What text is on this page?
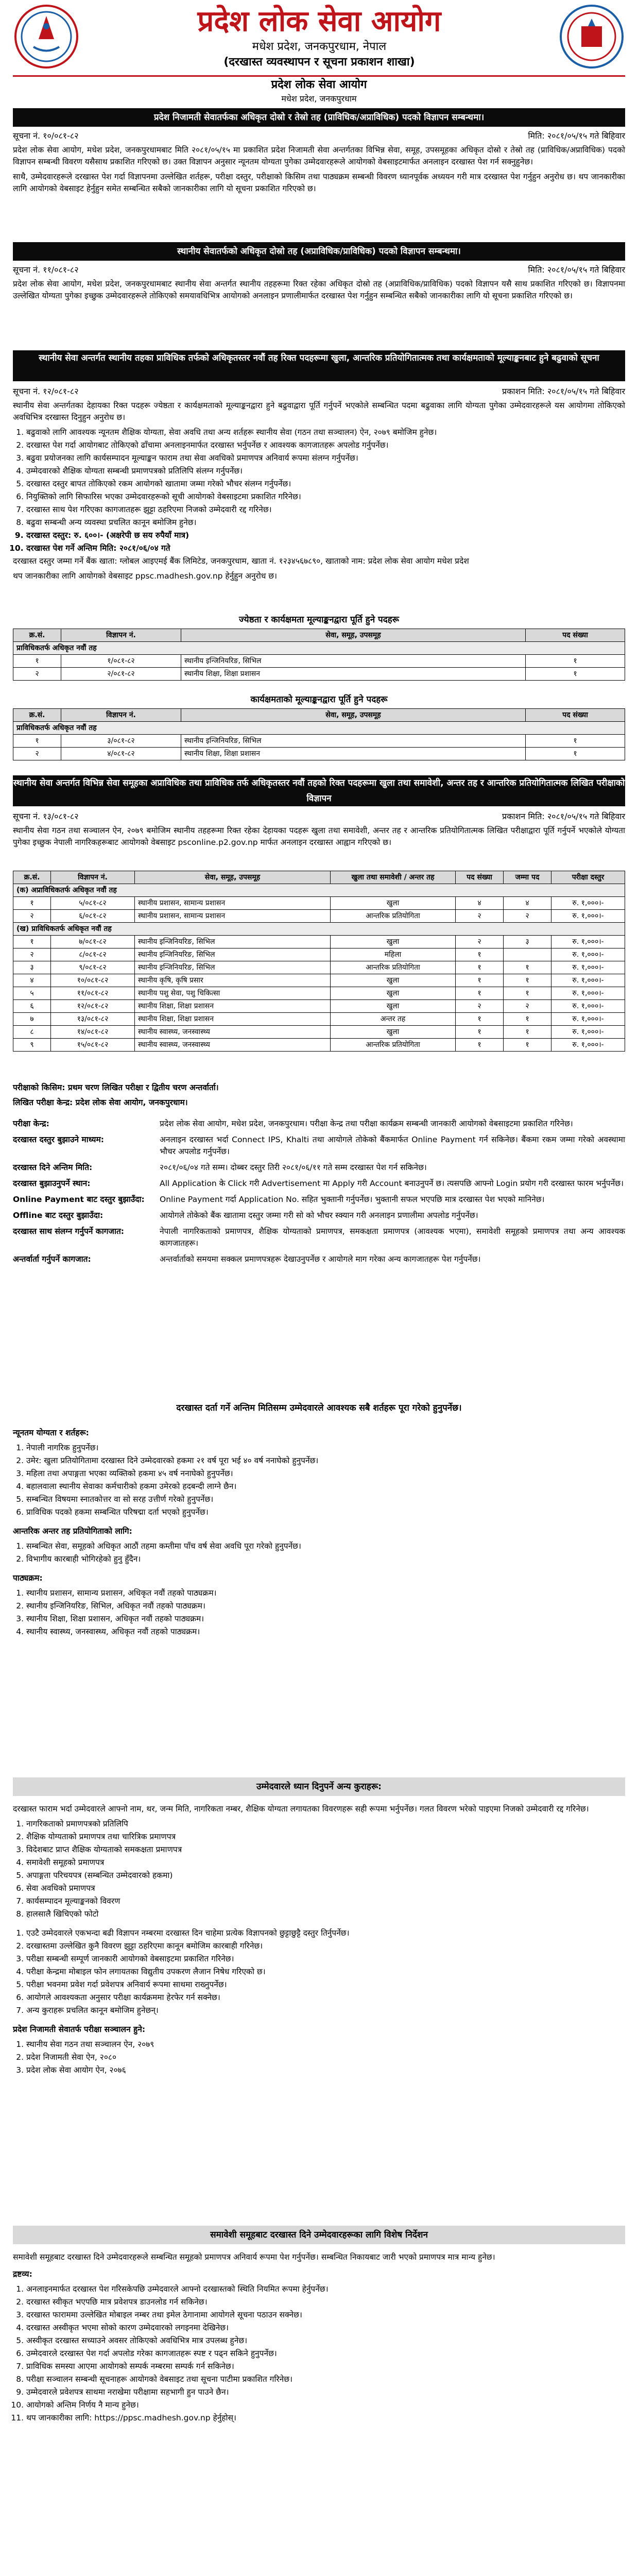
प्रदेश लोक सेवा आयोग
मधेश प्रदेश, जनकपुरधाम, नेपाल
(दरखास्त व्यवस्थापन र सूचना प्रकाशन शाखा)
प्रदेश लोक सेवा आयोग
मधेश प्रदेश, जनकपुरधाम
प्रदेश निजामती सेवातर्फका अधिकृत दोस्रो र तेस्रो तह (प्राविधिक/अप्राविधिक) पदको विज्ञापन सम्बन्धमा।
सूचना नं. १०/०८१-८२	मिति: २०८१/०५/१५ गते बिहिवार

प्रदेश लोक सेवा आयोग, मधेश प्रदेश, जनकपुरधामबाट मिति २०८१/०५/१५ मा प्रकाशित प्रदेश निजामती सेवा अन्तर्गतका विभिन्न सेवा, समूह, उपसमूहका अधिकृत दोस्रो र तेस्रो तह (प्राविधिक/अप्राविधिक) पदको विज्ञापन सम्बन्धी विवरण यसैसाथ प्रकाशित गरिएको छ। उक्त विज्ञापन अनुसार न्यूनतम योग्यता पुगेका उम्मेदवारहरूले आयोगको वेबसाइटमार्फत अनलाइन दरखास्त पेश गर्न सक्नुहुनेछ।

साथै, उम्मेदवारहरूले दरखास्त पेश गर्दा विज्ञापनमा उल्लेखित शर्तहरू, परीक्षा दस्तुर, परीक्षाको किसिम तथा पाठ्यक्रम सम्बन्धी विवरण ध्यानपूर्वक अध्ययन गरी मात्र दरखास्त पेश गर्नुहुन अनुरोध छ। थप जानकारीका लागि आयोगको वेबसाइट हेर्नुहुन समेत सम्बन्धित सबैको जानकारीका लागि यो सूचना प्रकाशित गरिएको छ।

स्थानीय सेवातर्फको अधिकृत दोस्रो तह (अप्राविधिक/प्राविधिक) पदको विज्ञापन सम्बन्धमा।
सूचना नं. ११/०८१-८२	मिति: २०८१/०५/१५ गते बिहिवार

प्रदेश लोक सेवा आयोग, मधेश प्रदेश, जनकपुरधामबाट स्थानीय सेवा अन्तर्गत स्थानीय तहहरूमा रिक्त रहेका अधिकृत दोस्रो तह (अप्राविधिक/प्राविधिक) पदको विज्ञापन यसै साथ प्रकाशित गरिएको छ। विज्ञापनमा उल्लेखित योग्यता पुगेका इच्छुक उम्मेदवारहरूले तोकिएको समयावधिभित्र आयोगको अनलाइन प्रणालीमार्फत दरखास्त पेश गर्नुहुन सम्बन्धित सबैको जानकारीका लागि यो सूचना प्रकाशित गरिएको छ।

स्थानीय सेवा अन्तर्गत स्थानीय तहका प्राविधिक तर्फको अधिकृतस्तर नवौं तह रिक्त पदहरूमा खुला, आन्तरिक प्रतियोगितात्मक तथा कार्यक्षमताको मूल्याङ्कनबाट हुने बढुवाको सूचना
सूचना नं. १२/०८१-८२	प्रकाशन मिति: २०८१/०५/१५ गते बिहिवार

स्थानीय सेवा अन्तर्गतका देहायका रिक्त पदहरू ज्येष्ठता र कार्यक्षमताको मूल्याङ्कनद्वारा हुने बढुवाद्वारा पूर्ति गर्नुपर्ने भएकोले सम्बन्धित पदमा बढुवाका लागि योग्यता पुगेका उम्मेदवारहरूले यस आयोगमा तोकिएको अवधिभित्र दरखास्त दिनुहुन अनुरोध छ।

1. बढुवाको लागि आवश्यक न्यूनतम शैक्षिक योग्यता, सेवा अवधि तथा अन्य शर्तहरू स्थानीय सेवा (गठन तथा सञ्चालन) ऐन, २०७९ बमोजिम हुनेछ।
2. दरखास्त पेश गर्दा आयोगबाट तोकिएको ढाँचामा अनलाइनमार्फत दरखास्त भर्नुपर्नेछ र आवश्यक कागजातहरू अपलोड गर्नुपर्नेछ।
3. बढुवा प्रयोजनका लागि कार्यसम्पादन मूल्याङ्कन फाराम तथा सेवा अवधिको प्रमाणपत्र अनिवार्य रूपमा संलग्न गर्नुपर्नेछ।
4. उम्मेदवारको शैक्षिक योग्यता सम्बन्धी प्रमाणपत्रको प्रतिलिपि संलग्न गर्नुपर्नेछ।
5. दरखास्त दस्तुर बापत तोकिएको रकम आयोगको खातामा जम्मा गरेको भौचर संलग्न गर्नुपर्नेछ।
6. नियुक्तिको लागि सिफारिस भएका उम्मेदवारहरूको सूची आयोगको वेबसाइटमा प्रकाशित गरिनेछ।
7. दरखास्त साथ पेश गरिएका कागजातहरू झुट्टा ठहरिएमा निजको उम्मेदवारी रद्द गरिनेछ।
8. बढुवा सम्बन्धी अन्य व्यवस्था प्रचलित कानून बमोजिम हुनेछ।
9. दरखास्त दस्तुर: रु. ६००।- (अक्षरेपी छ सय रुपैयाँ मात्र)
10. दरखास्त पेश गर्ने अन्तिम मिति: २०८१/०६/०४ गते

दरखास्त दस्तुर जम्मा गर्ने बैंक खाता: ग्लोबल आइएमई बैंक लिमिटेड, जनकपुरधाम, खाता नं. १२३४५६७८९०, खाताको नाम: प्रदेश लोक सेवा आयोग मधेश प्रदेश

थप जानकारीका लागि आयोगको वेबसाइट ppsc.madhesh.gov.np हेर्नुहुन अनुरोध छ।

ज्येष्ठता र कार्यक्षमता मूल्याङ्कनद्वारा पूर्ति हुने पदहरू
क्र.सं.	विज्ञापन नं.	सेवा, समूह, उपसमूह	पद संख्या
प्राविधिकतर्फ अधिकृत नवौं तह			
१	१/०८१-८२	स्थानीय इन्जिनियरिङ, सिभिल	१
२	२/०८१-८२	स्थानीय शिक्षा, शिक्षा प्रशासन	१
कार्यक्षमताको मूल्याङ्कनद्वारा पूर्ति हुने पदहरू
क्र.सं.	विज्ञापन नं.	सेवा, समूह, उपसमूह	पद संख्या
प्राविधिकतर्फ अधिकृत नवौं तह			
१	३/०८१-८२	स्थानीय इन्जिनियरिङ, सिभिल	१
२	४/०८१-८२	स्थानीय शिक्षा, शिक्षा प्रशासन	१
स्थानीय सेवा अन्तर्गत विभिन्न सेवा समूहका अप्राविधिक तथा प्राविधिक तर्फ अधिकृतस्तर नवौं तहको रिक्त पदहरूमा खुला तथा समावेशी, अन्तर तह र आन्तरिक प्रतियोगितात्मक लिखित परीक्षाको विज्ञापन
सूचना नं. १३/०८१-८२	प्रकाशन मिति: २०८१/०५/१५ गते बिहिवार

स्थानीय सेवा गठन तथा सञ्चालन ऐन, २०७९ बमोजिम स्थानीय तहहरूमा रिक्त रहेका देहायका पदहरू खुला तथा समावेशी, अन्तर तह र आन्तरिक प्रतियोगितात्मक लिखित परीक्षाद्वारा पूर्ति गर्नुपर्ने भएकोले योग्यता पुगेका इच्छुक नेपाली नागरिकहरूबाट आयोगको वेबसाइट psconline.p2.gov.np मार्फत अनलाइन दरखास्त आह्वान गरिएको छ।

क्र.सं.	विज्ञापन नं.	सेवा, समूह, उपसमूह	खुला तथा समावेशी / अन्तर तह	पद संख्या	जम्मा पद	परीक्षा दस्तुर
(क) अप्राविधिकतर्फ अधिकृत नवौं तह						
१	५/०८१-८२	स्थानीय प्रशासन, सामान्य प्रशासन	खुला	४	४	रु. १,०००।-
२	६/०८१-८२	स्थानीय प्रशासन, सामान्य प्रशासन	आन्तरिक प्रतियोगिता	२	२	रु. १,०००।-
(ख) प्राविधिकतर्फ अधिकृत नवौं तह						
१	७/०८१-८२	स्थानीय इन्जिनियरिङ, सिभिल	खुला	२	३	रु. १,०००।-
२	८/०८१-८२	स्थानीय इन्जिनियरिङ, सिभिल	महिला	१		रु. १,०००।-
३	९/०८१-८२	स्थानीय इन्जिनियरिङ, सिभिल	आन्तरिक प्रतियोगिता	१	१	रु. १,०००।-
४	१०/०८१-८२	स्थानीय कृषि, कृषि प्रसार	खुला	१	१	रु. १,०००।-
५	११/०८१-८२	स्थानीय पशु सेवा, पशु चिकित्सा	खुला	१	१	रु. १,०००।-
६	१२/०८१-८२	स्थानीय शिक्षा, शिक्षा प्रशासन	खुला	२	२	रु. १,०००।-
७	१३/०८१-८२	स्थानीय शिक्षा, शिक्षा प्रशासन	अन्तर तह	१	१	रु. १,०००।-
८	१४/०८१-८२	स्थानीय स्वास्थ्य, जनस्वास्थ्य	खुला	१	१	रु. १,०००।-
९	१५/०८१-८२	स्थानीय स्वास्थ्य, जनस्वास्थ्य	आन्तरिक प्रतियोगिता	१	१	रु. १,०००।-

परीक्षाको किसिम: प्रथम चरण लिखित परीक्षा र द्वितीय चरण अन्तर्वार्ता।

लिखित परीक्षा केन्द्र: प्रदेश लोक सेवा आयोग, जनकपुरधाम।

परीक्षा केन्द्र:	प्रदेश लोक सेवा आयोग, मधेश प्रदेश, जनकपुरधाम। परीक्षा केन्द्र तथा परीक्षा कार्यक्रम सम्बन्धी जानकारी आयोगको वेबसाइटमा प्रकाशित गरिनेछ।
दरखास्त दस्तुर बुझाउने माध्यम:	अनलाइन दरखास्त भर्दा Connect IPS, Khalti तथा आयोगले तोकेको बैंकमार्फत Online Payment गर्न सकिनेछ। बैंकमा रकम जम्मा गरेको अवस्थामा भौचर अपलोड गर्नुपर्नेछ।
दरखास्त दिने अन्तिम मिति:	२०८१/०६/०४ गते सम्म। दोब्बर दस्तुर तिरी २०८१/०६/११ गते सम्म दरखास्त पेश गर्न सकिनेछ।
दरखास्त बुझाउनुपर्ने स्थान:	All Application के Click गरी Advertisement मा Apply गरी Account बनाउनुपर्ने छ। त्यसपछि आफ्नो Login प्रयोग गरी दरखास्त फारम भर्नुपर्नेछ।
Online Payment बाट दस्तुर बुझाउँदा:	Online Payment गर्दा Application No. सहित भुक्तानी गर्नुपर्नेछ। भुक्तानी सफल भएपछि मात्र दरखास्त पेश भएको मानिनेछ।
Offline बाट दस्तुर बुझाउँदा:	आयोगले तोकेको बैंक खातामा दस्तुर जम्मा गरी सो को भौचर स्क्यान गरी अनलाइन प्रणालीमा अपलोड गर्नुपर्नेछ।
दरखास्त साथ संलग्न गर्नुपर्ने कागजात:	नेपाली नागरिकताको प्रमाणपत्र, शैक्षिक योग्यताको प्रमाणपत्र, समकक्षता प्रमाणपत्र (आवश्यक भएमा), समावेशी समूहको प्रमाणपत्र तथा अन्य आवश्यक कागजातहरू।
अन्तर्वार्ता गर्नुपर्ने कागजात:	अन्तर्वार्ताको समयमा सक्कल प्रमाणपत्रहरू देखाउनुपर्नेछ र आयोगले माग गरेका अन्य कागजातहरू पेश गर्नुपर्नेछ।
दरखास्त दर्ता गर्ने अन्तिम मितिसम्म उम्मेदवारले आवश्यक सबै शर्तहरू पूरा गरेको हुनुपर्नेछ।

न्यूनतम योग्यता र शर्तहरू:

1. नेपाली नागरिक हुनुपर्नेछ।
2. उमेर: खुला प्रतियोगितामा दरखास्त दिने उम्मेदवारको हकमा २१ वर्ष पूरा भई ४० वर्ष ननाघेको हुनुपर्नेछ।
3. महिला तथा अपाङ्गता भएका व्यक्तिको हकमा ४५ वर्ष ननाघेको हुनुपर्नेछ।
4. बहालवाला स्थानीय सेवाका कर्मचारीको हकमा उमेरको हदबन्दी लाग्ने छैन।
5. सम्बन्धित विषयमा स्नातकोत्तर वा सो सरह उत्तीर्ण गरेको हुनुपर्नेछ।
6. प्राविधिक पदको हकमा सम्बन्धित परिषद्मा दर्ता भएको हुनुपर्नेछ।

आन्तरिक अन्तर तह प्रतियोगिताको लागि:

1. सम्बन्धित सेवा, समूहको अधिकृत आठौं तहमा कम्तीमा पाँच वर्ष सेवा अवधि पूरा गरेको हुनुपर्नेछ।
2. विभागीय कारबाही भोगिरहेको हुनु हुँदैन।

पाठ्यक्रम:

1. स्थानीय प्रशासन, सामान्य प्रशासन, अधिकृत नवौं तहको पाठ्यक्रम।
2. स्थानीय इन्जिनियरिङ, सिभिल, अधिकृत नवौं तहको पाठ्यक्रम।
3. स्थानीय शिक्षा, शिक्षा प्रशासन, अधिकृत नवौं तहको पाठ्यक्रम।
4. स्थानीय स्वास्थ्य, जनस्वास्थ्य, अधिकृत नवौं तहको पाठ्यक्रम।
उम्मेदवारले ध्यान दिनुपर्ने अन्य कुराहरू:

दरखास्त फाराम भर्दा उम्मेदवारले आफ्नो नाम, थर, जन्म मिति, नागरिकता नम्बर, शैक्षिक योग्यता लगायतका विवरणहरू सही रूपमा भर्नुपर्नेछ। गलत विवरण भरेको पाइएमा निजको उम्मेदवारी रद्द गरिनेछ।

1. नागरिकताको प्रमाणपत्रको प्रतिलिपि
2. शैक्षिक योग्यताको प्रमाणपत्र तथा चारित्रिक प्रमाणपत्र
3. विदेशबाट प्राप्त शैक्षिक योग्यताको समकक्षता प्रमाणपत्र
4. समावेशी समूहको प्रमाणपत्र
5. अपाङ्गता परिचयपत्र (सम्बन्धित उम्मेदवारको हकमा)
6. सेवा अवधिको प्रमाणपत्र
7. कार्यसम्पादन मूल्याङ्कनको विवरण
8. हालसालै खिचिएको फोटो
1. एउटै उम्मेदवारले एकभन्दा बढी विज्ञापन नम्बरमा दरखास्त दिन चाहेमा प्रत्येक विज्ञापनको छुट्टाछुट्टै दस्तुर तिर्नुपर्नेछ।
2. दरखास्तमा उल्लेखित कुनै विवरण झुट्टा ठहरिएमा कानून बमोजिम कारबाही गरिनेछ।
3. परीक्षा सम्बन्धी सम्पूर्ण जानकारी आयोगको वेबसाइटमा प्रकाशित गरिनेछ।
4. परीक्षा केन्द्रमा मोबाइल फोन लगायतका विद्युतीय उपकरण लैजान निषेध गरिएको छ।
5. परीक्षा भवनमा प्रवेश गर्दा प्रवेशपत्र अनिवार्य रूपमा साथमा राख्नुपर्नेछ।
6. आयोगले आवश्यकता अनुसार परीक्षा कार्यक्रममा हेरफेर गर्न सक्नेछ।
7. अन्य कुराहरू प्रचलित कानून बमोजिम हुनेछन्।

प्रदेश निजामती सेवातर्फ परीक्षा सञ्चालन हुने:

1. स्थानीय सेवा गठन तथा सञ्चालन ऐन, २०७९
2. प्रदेश निजामती सेवा ऐन, २०८०
3. प्रदेश लोक सेवा आयोग ऐन, २०७६
समावेशी समूहबाट दरखास्त दिने उम्मेदवारहरूका लागि विशेष निर्देशन

समावेशी समूहबाट दरखास्त दिने उम्मेदवारहरूले सम्बन्धित समूहको प्रमाणपत्र अनिवार्य रूपमा पेश गर्नुपर्नेछ। सम्बन्धित निकायबाट जारी भएको प्रमाणपत्र मात्र मान्य हुनेछ।

द्रष्टव्य:

1. अनलाइनमार्फत दरखास्त पेश गरिसकेपछि उम्मेदवारले आफ्नो दरखास्तको स्थिति नियमित रूपमा हेर्नुपर्नेछ।
2. दरखास्त स्वीकृत भएपछि मात्र प्रवेशपत्र डाउनलोड गर्न सकिनेछ।
3. दरखास्त फाराममा उल्लेखित मोबाइल नम्बर तथा इमेल ठेगानामा आयोगले सूचना पठाउन सक्नेछ।
4. दरखास्त अस्वीकृत भएमा सोको कारण उम्मेदवारको लगइनमा देखिनेछ।
5. अस्वीकृत दरखास्त सच्याउने अवसर तोकिएको अवधिभित्र मात्र उपलब्ध हुनेछ।
6. उम्मेदवारले दरखास्त पेश गर्दा अपलोड गरेका कागजातहरू स्पष्ट र पढ्न सकिने हुनुपर्नेछ।
7. प्राविधिक समस्या आएमा आयोगको सम्पर्क नम्बरमा सम्पर्क गर्न सकिनेछ।
8. परीक्षा सञ्चालन सम्बन्धी सूचनाहरू आयोगको वेबसाइट तथा सूचना पाटीमा प्रकाशित गरिनेछ।
9. उम्मेदवारले प्रवेशपत्र साथमा नराखेमा परीक्षामा सहभागी हुन पाउने छैन।
10. आयोगको अन्तिम निर्णय नै मान्य हुनेछ।
11. थप जानकारीका लागि: https://ppsc.madhesh.gov.np हेर्नुहोस्।
